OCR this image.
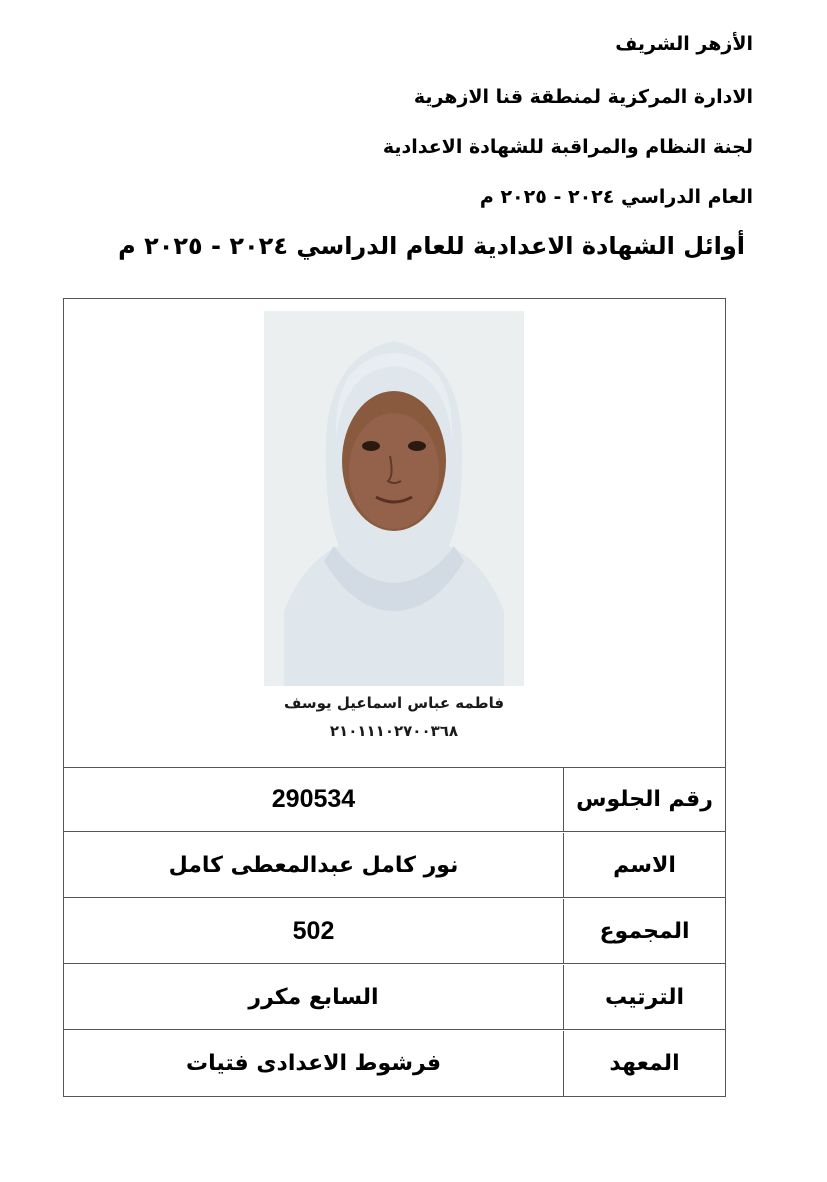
الأزهر الشريف
الادارة المركزية لمنطقة قنا الازهرية
لجنة النظام والمراقبة للشهادة الاعدادية
العام الدراسي ٢٠٢٤ - ٢٠٢٥ م
أوائل الشهادة الاعدادية للعام الدراسي ٢٠٢٤ - ٢٠٢٥ م
فاطمه عباس اسماعيل يوسف
٢١٠١١١٠٢٧٠٠٣٦٨
رقم الجلوس
290534
الاسم
نور كامل عبدالمعطى كامل
المجموع
502
الترتيب
السابع مكرر
المعهد
فرشوط الاعدادى فتيات
